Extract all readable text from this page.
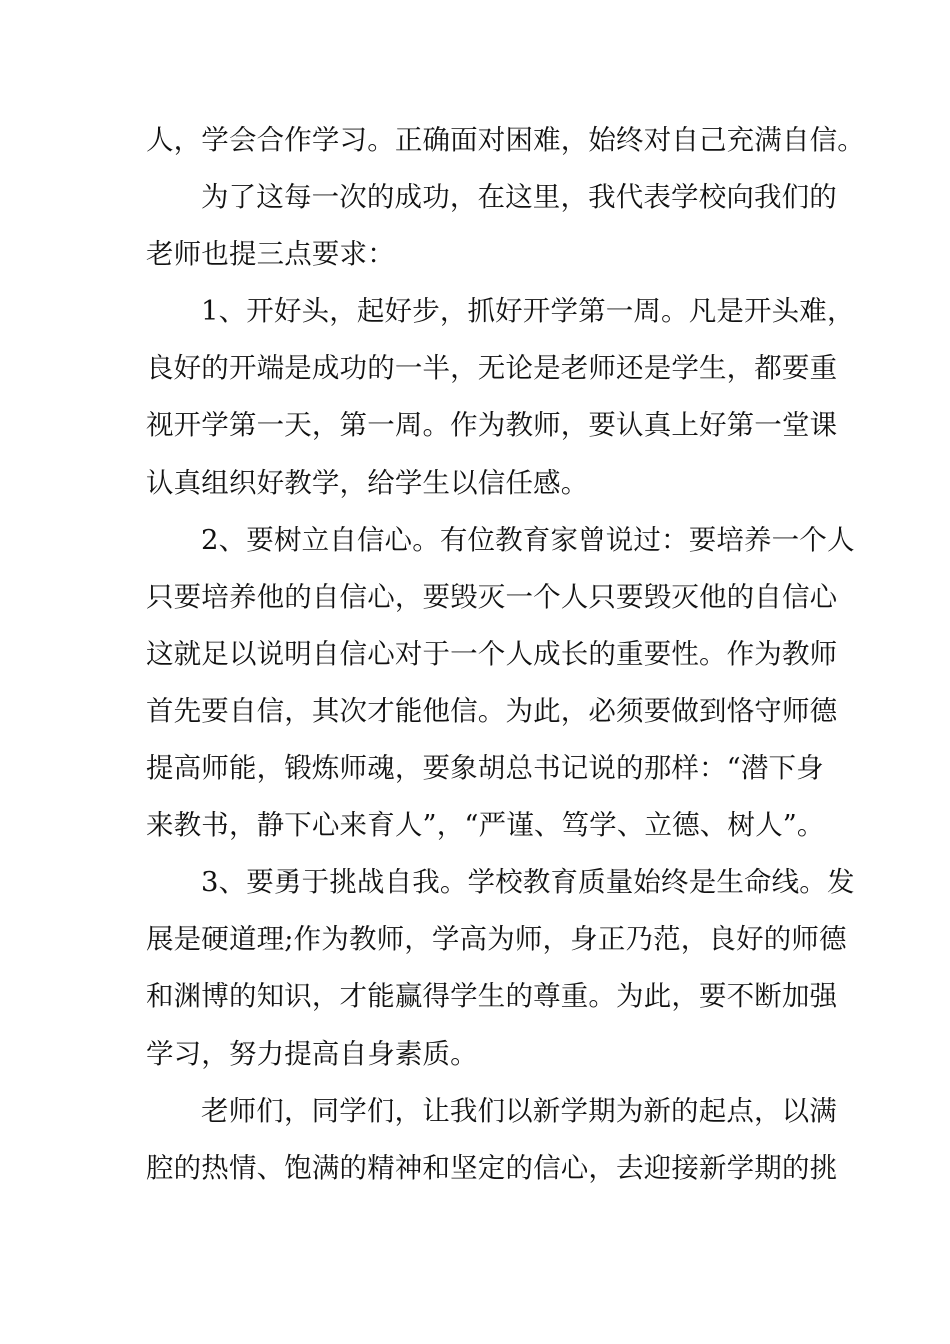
人，学会合作学习。正确面对困难，始终对自己充满自信。
为了这每一次的成功，在这里，我代表学校向我们的
老师也提三点要求：
1、开好头，起好步，抓好开学第一周。凡是开头难，
良好的开端是成功的一半，无论是老师还是学生，都要重
视开学第一天，第一周。作为教师，要认真上好第一堂课
认真组织好教学，给学生以信任感。
2、要树立自信心。有位教育家曾说过：要培养一个人
只要培养他的自信心，要毁灭一个人只要毁灭他的自信心
这就足以说明自信心对于一个人成长的重要性。作为教师
首先要自信，其次才能他信。为此，必须要做到恪守师德
提高师能，锻炼师魂，要象胡总书记说的那样：“潜下身
来教书，静下心来育人”，“严谨、笃学、立德、树人”。
3、要勇于挑战自我。学校教育质量始终是生命线。发
展是硬道理;作为教师，学高为师，身正乃范，良好的师德
和渊博的知识，才能赢得学生的尊重。为此，要不断加强
学习，努力提高自身素质。
老师们，同学们，让我们以新学期为新的起点，以满
腔的热情、饱满的精神和坚定的信心，去迎接新学期的挑
